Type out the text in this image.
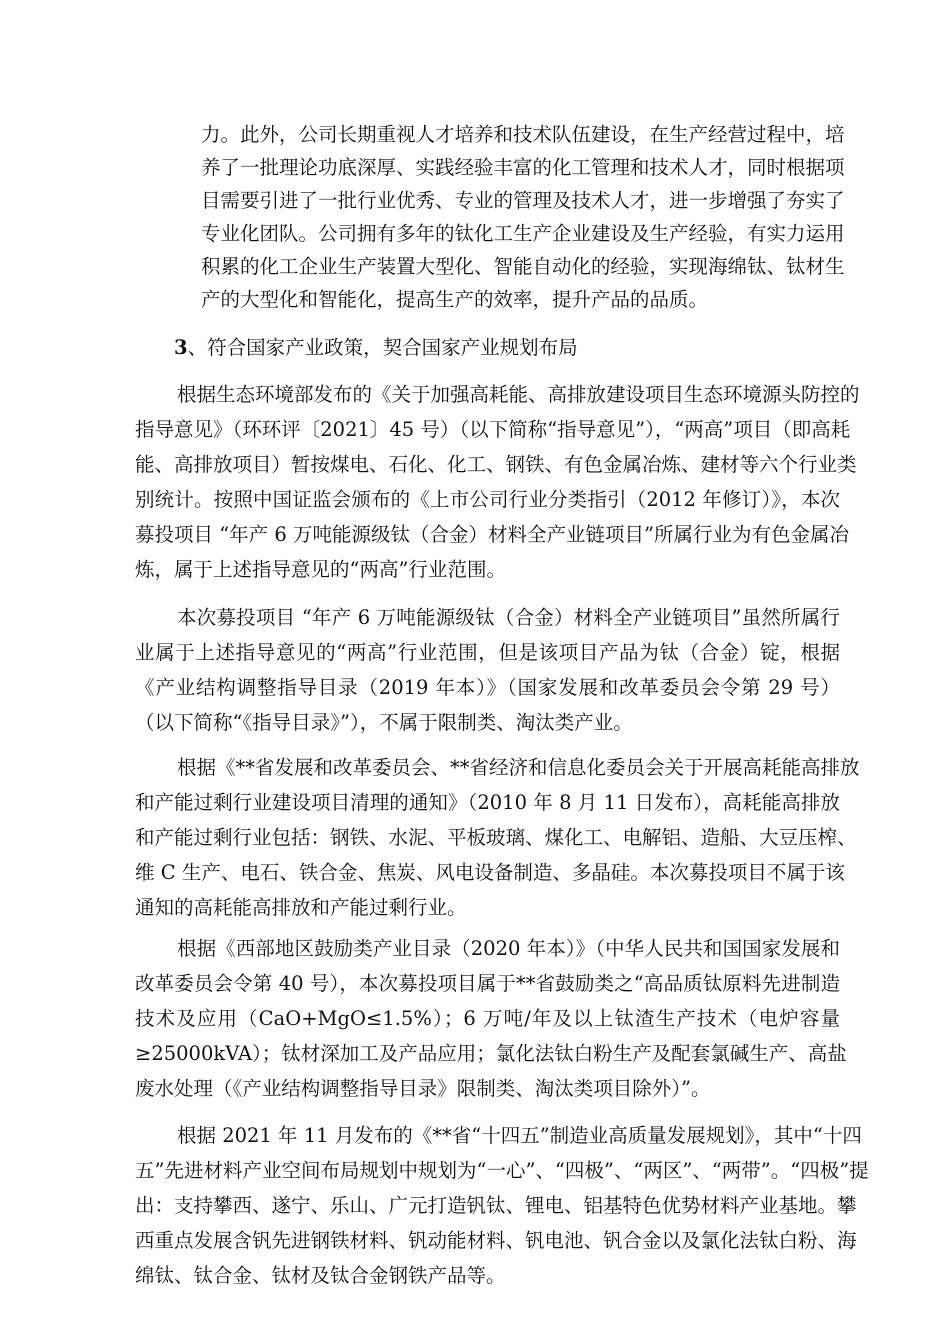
力。此外，公司长期重视人才培养和技术队伍建设，在生产经营过程中，培
养了一批理论功底深厚、实践经验丰富的化工管理和技术人才，同时根据项
目需要引进了一批行业优秀、专业的管理及技术人才，进一步增强了夯实了
专业化团队。公司拥有多年的钛化工生产企业建设及生产经验，有实力运用
积累的化工企业生产装置大型化、智能自动化的经验，实现海绵钛、钛材生
产的大型化和智能化，提高生产的效率，提升产品的品质。
3、符合国家产业政策，契合国家产业规划布局
根据生态环境部发布的《关于加强高耗能、高排放建设项目生态环境源头防控的
指导意见》（环环评〔2021〕45 号）（以下简称“指导意见”），“两高”项目（即高耗
能、高排放项目）暂按煤电、石化、化工、钢铁、有色金属冶炼、建材等六个行业类
别统计。按照中国证监会颁布的《上市公司行业分类指引（2012 年修订）》，本次
募投项目 “年产 6 万吨能源级钛（合金）材料全产业链项目”所属行业为有色金属冶
炼，属于上述指导意见的“两高”行业范围。
本次募投项目 “年产 6 万吨能源级钛（合金）材料全产业链项目”虽然所属行
业属于上述指导意见的“两高”行业范围，但是该项目产品为钛（合金）锭，根据
《产业结构调整指导目录（2019 年本）》（国家发展和改革委员会令第 29 号）
（以下简称“《指导目录》”），不属于限制类、淘汰类产业。
根据《**省发展和改革委员会、**省经济和信息化委员会关于开展高耗能高排放
和产能过剩行业建设项目清理的通知》（2010 年 8 月 11 日发布），高耗能高排放
和产能过剩行业包括：钢铁、水泥、平板玻璃、煤化工、电解铝、造船、大豆压榨、
维 C 生产、电石、铁合金、焦炭、风电设备制造、多晶硅。本次募投项目不属于该
通知的高耗能高排放和产能过剩行业。
根据《西部地区鼓励类产业目录（2020 年本）》（中华人民共和国国家发展和
改革委员会令第 40 号），本次募投项目属于**省鼓励类之“高品质钛原料先进制造
技术及应用（CaO+MgO≤1.5%）；6 万吨/年及以上钛渣生产技术（电炉容量
≥25000kVA）；钛材深加工及产品应用；氯化法钛白粉生产及配套氯碱生产、高盐
废水处理（《产业结构调整指导目录》限制类、淘汰类项目除外）”。
根据 2021 年 11 月发布的《**省“十四五”制造业高质量发展规划》，其中“十四
五”先进材料产业空间布局规划中规划为“一心”、“四极”、“两区”、“两带”。“四极”提
出：支持攀西、遂宁、乐山、广元打造钒钛、锂电、铝基特色优势材料产业基地。攀
西重点发展含钒先进钢铁材料、钒动能材料、钒电池、钒合金以及氯化法钛白粉、海
绵钛、钛合金、钛材及钛合金钢铁产品等。
